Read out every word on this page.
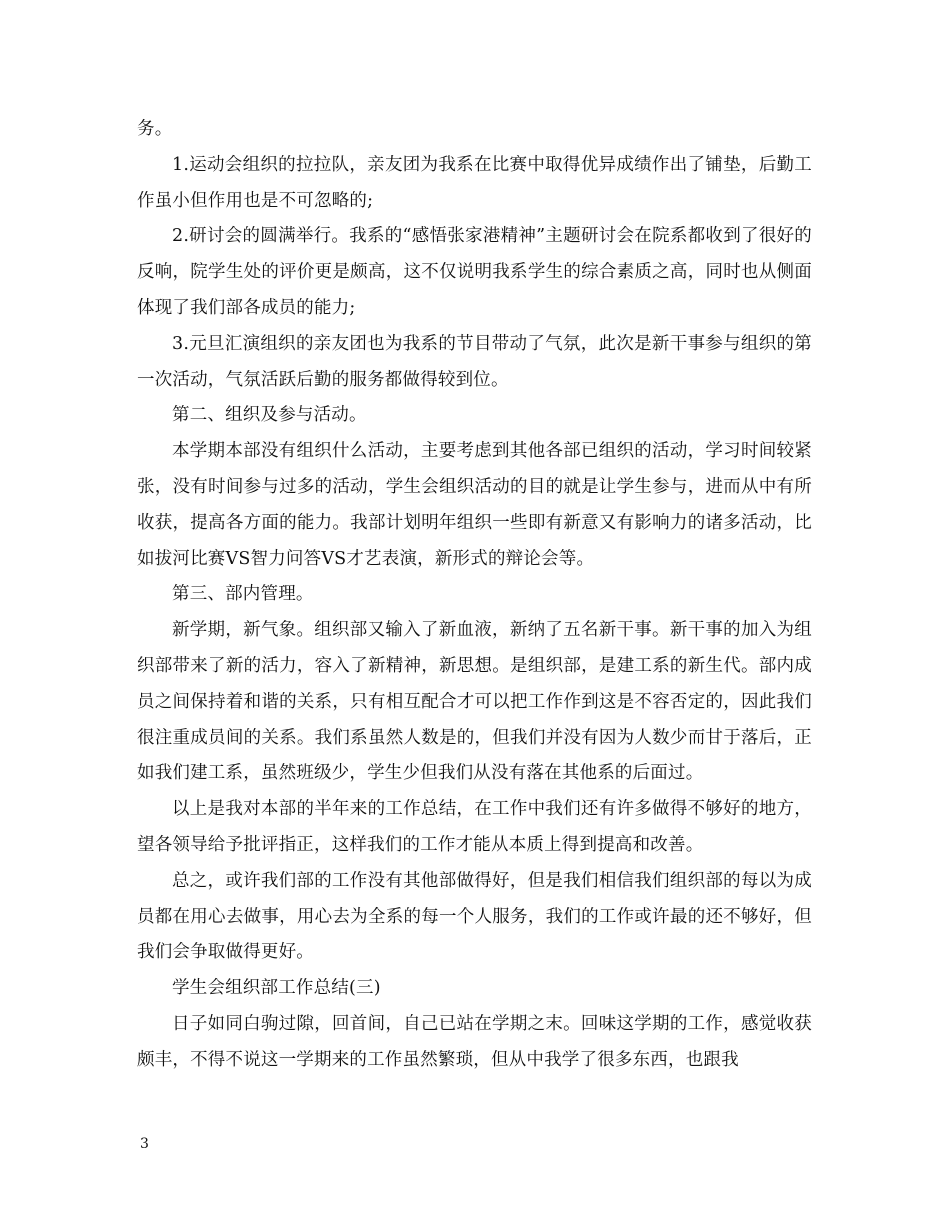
务。

1.运动会组织的拉拉队，亲友团为我系在比赛中取得优异成绩作出了铺垫，后勤工作虽小但作用也是不可忽略的;

2.研讨会的圆满举行。我系的“感悟张家港精神”主题研讨会在院系都收到了很好的反响，院学生处的评价更是颇高，这不仅说明我系学生的综合素质之高，同时也从侧面体现了我们部各成员的能力;

3.元旦汇演组织的亲友团也为我系的节目带动了气氛，此次是新干事参与组织的第一次活动，气氛活跃后勤的服务都做得较到位。

第二、组织及参与活动。

本学期本部没有组织什么活动，主要考虑到其他各部已组织的活动，学习时间较紧张，没有时间参与过多的活动，学生会组织活动的目的就是让学生参与，进而从中有所收获，提高各方面的能力。我部计划明年组织一些即有新意又有影响力的诸多活动，比如拔河比赛VS智力问答VS才艺表演，新形式的辩论会等。

第三、部内管理。

新学期，新气象。组织部又输入了新血液，新纳了五名新干事。新干事的加入为组织部带来了新的活力，容入了新精神，新思想。是组织部，是建工系的新生代。部内成员之间保持着和谐的关系，只有相互配合才可以把工作作到这是不容否定的，因此我们很注重成员间的关系。我们系虽然人数是的，但我们并没有因为人数少而甘于落后，正如我们建工系，虽然班级少，学生少但我们从没有落在其他系的后面过。

以上是我对本部的半年来的工作总结，在工作中我们还有许多做得不够好的地方，望各领导给予批评指正，这样我们的工作才能从本质上得到提高和改善。

总之，或许我们部的工作没有其他部做得好，但是我们相信我们组织部的每以为成员都在用心去做事，用心去为全系的每一个人服务，我们的工作或许最的还不够好，但我们会争取做得更好。

学生会组织部工作总结(三)

日子如同白驹过隙，回首间，自己已站在学期之末。回味这学期的工作，感觉收获颇丰，不得不说这一学期来的工作虽然繁琐，但从中我学了很多东西，也跟我

3
